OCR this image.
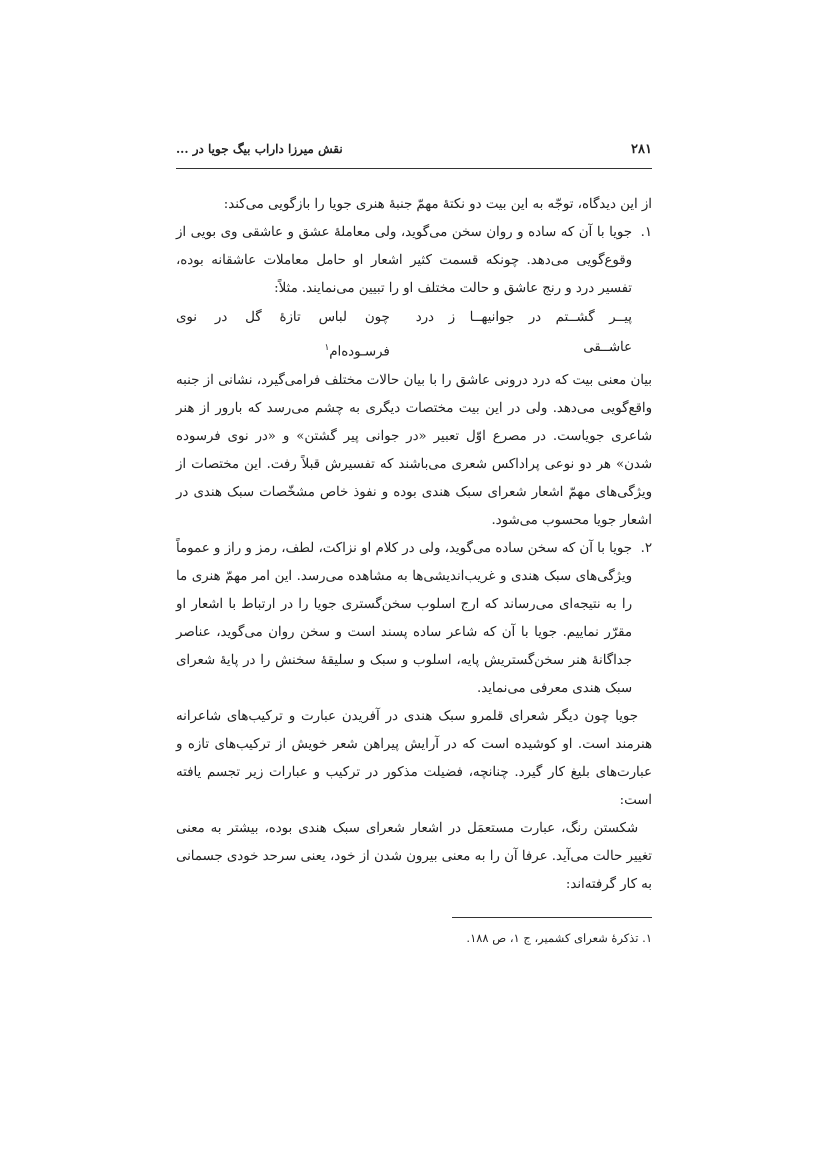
۲۸۱
نقش میرزا داراب بیگ جویا در ...

از این دیدگاه، توجّه به این بیت دو نکتهٔ مهمّ جنبهٔ هنری جویا را بازگویی می‌کند:

۱.

جویا با آن که ساده و روان سخن می‌گوید، ولی معاملهٔ عشق و عاشقی وی بویی از وقوع‌گویی می‌دهد. چونکه قسمت کثیر اشعار او حامل معاملات عاشقانه بوده، تفسیر درد و رنج عاشق و حالت مختلف او را تبیین می‌نمایند. مثلاً:

پیــر گشــتم در جوانیهــا ز درد عاشــقی
چون لباس تازهٔ گل در نوی فرسـوده‌ام$^۱$

بیان معنی بیت که درد درونی عاشق را با بیان حالات مختلف فرامی‌گیرد، نشانی از جنبه واقع‌گویی می‌دهد. ولی در این بیت مختصات دیگری به چشم می‌رسد که بارور از هنر شاعری جویاست. در مصرع اوّل تعبیر «در جوانی پیر گشتن» و «در نوی فرسوده شدن» هر دو نوعی پراداکس شعری می‌باشند که تفسیرش قبلاً رفت. این مختصات از ویژگی‌های مهمّ اشعار شعرای سبک هندی بوده و نفوذ خاص مشخّصات سبک هندی در اشعار جویا محسوب می‌شود.

۲.

جویا با آن که سخن ساده می‌گوید، ولی در کلام او نزاکت، لطف، رمز و راز و عموماً ویژگی‌های سبک هندی و غریب‌اندیشی‌ها به مشاهده می‌رسد. این امر مهمّ هنری ما را به نتیجه‌ای می‌رساند که ارج اسلوب سخن‌گستری جویا را در ارتباط با اشعار او مقرّر نماییم. جویا با آن که شاعر ساده پسند است و سخن روان می‌گوید، عناصر جداگانهٔ هنر سخن‌گستریش پایه، اسلوب و سبک و سلیقهٔ سخنش را در پایهٔ شعرای سبک هندی معرفی می‌نماید.

جویا چون دیگر شعرای قلمرو سبک هندی در آفریدن عبارت و ترکیب‌های شاعرانه هنرمند است. او کوشیده است که در آرایش پیراهن شعر خویش از ترکیب‌های تازه و عبارت‌های بلیغ کار گیرد. چنانچه، فضیلت مذکور در ترکیب و عبارات زیر تجسم یافته است:

شکستن رنگ، عبارت مستعمَل در اشعار شعرای سبک هندی بوده، بیشتر به معنی تغییر حالت می‌آید. عرفا آن را به معنی بیرون شدن از خود، یعنی سرحد خودی جسمانی به کار گرفته‌اند:

۱. تذکرهٔ شعرای کشمیر، ج ۱، ص ۱۸۸.
